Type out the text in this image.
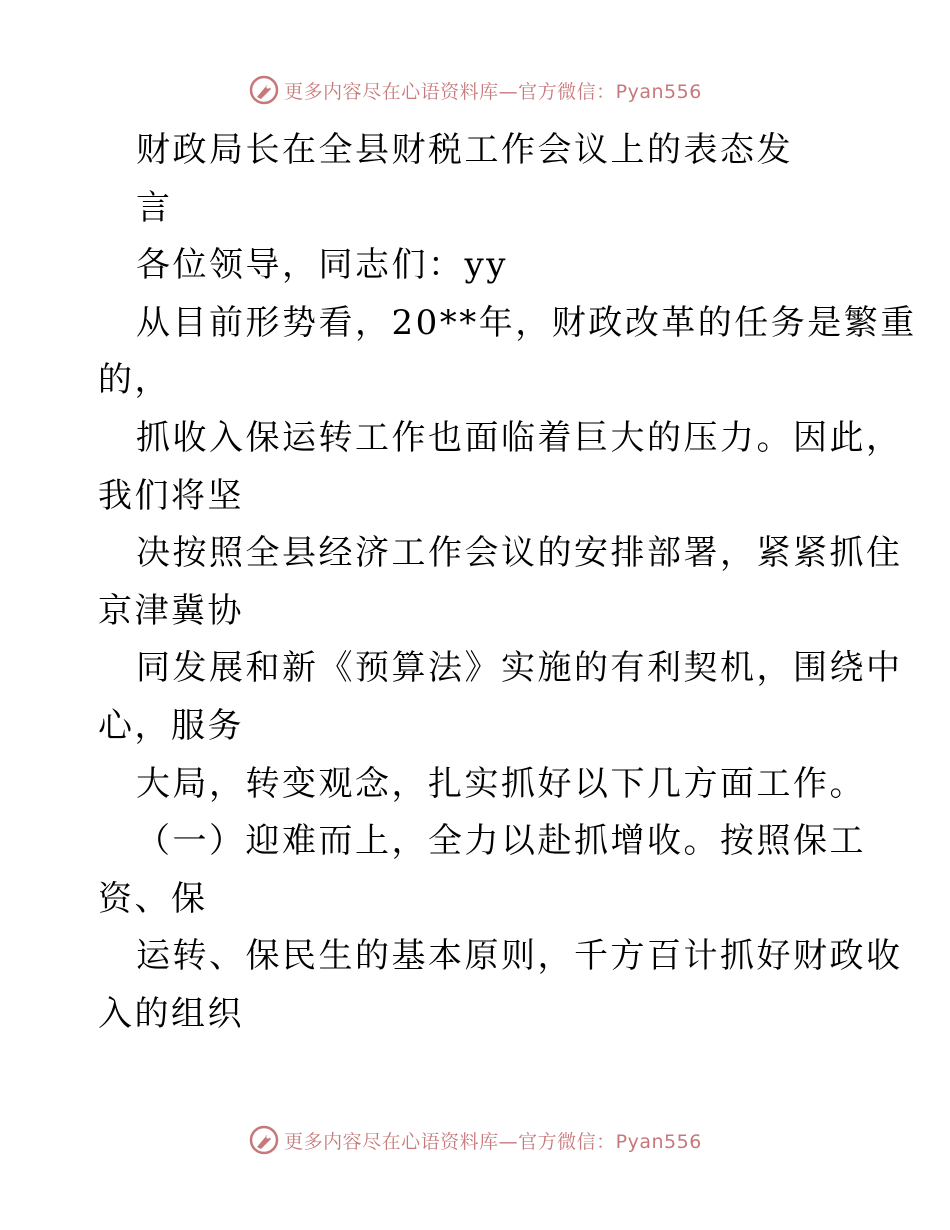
更多内容尽在心语资料库—官方微信：Pyan556

财政局长在全县财税工作会议上的表态发

言

各位领导，同志们：yy

从目前形势看，20**年，财政改革的任务是繁重

的，

抓收入保运转工作也面临着巨大的压力。因此，

我们将坚

决按照全县经济工作会议的安排部署，紧紧抓住

京津冀协

同发展和新《预算法》实施的有利契机，围绕中

心，服务

大局，转变观念，扎实抓好以下几方面工作。

（一）迎难而上，全力以赴抓增收。按照保工

资、保

运转、保民生的基本原则，千方百计抓好财政收

入的组织

更多内容尽在心语资料库—官方微信：Pyan556
